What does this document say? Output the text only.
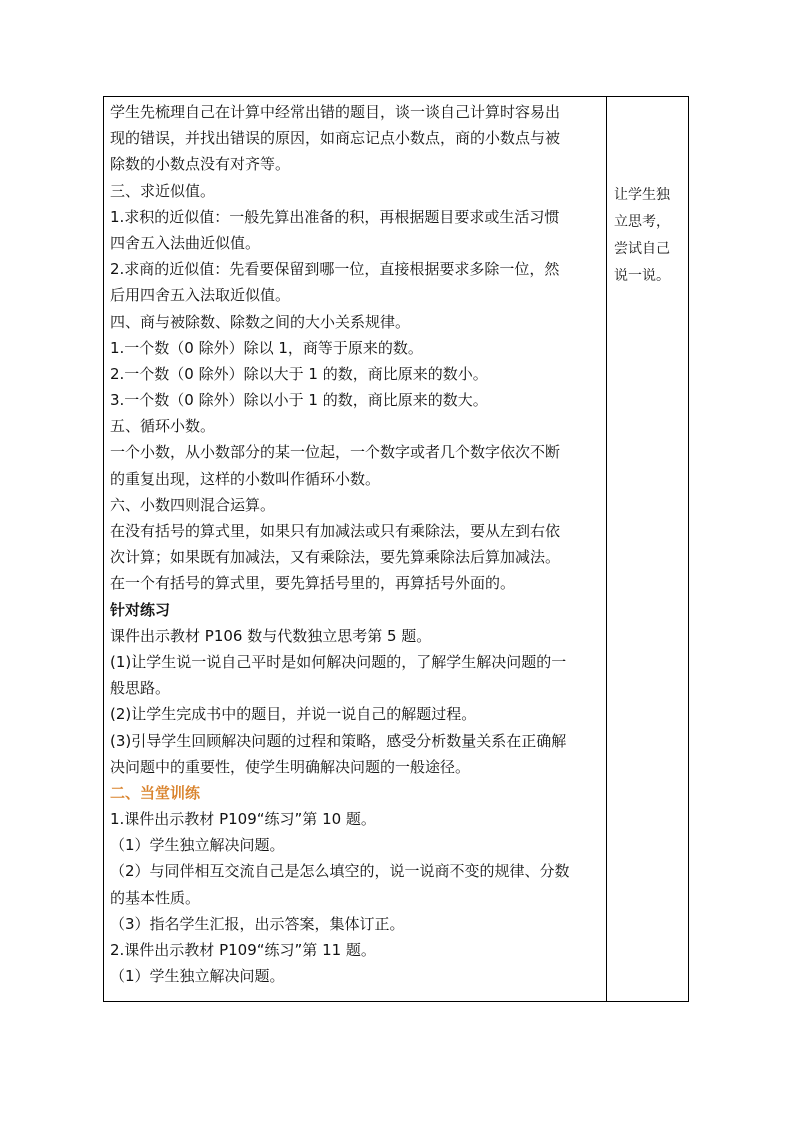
学生先梳理自己在计算中经常出错的题目，谈一谈自己计算时容易出
现的错误，并找出错误的原因，如商忘记点小数点，商的小数点与被
除数的小数点没有对齐等。
三、求近似值。
1.求积的近似值：一般先算出准备的积，再根据题目要求或生活习惯
四舍五入法曲近似值。
2.求商的近似值：先看要保留到哪一位，直接根据要求多除一位，然
后用四舍五入法取近似值。
四、商与被除数、除数之间的大小关系规律。
1.一个数（0 除外）除以 1，商等于原来的数。
2.一个数（0 除外）除以大于 1 的数，商比原来的数小。
3.一个数（0 除外）除以小于 1 的数，商比原来的数大。
五、循环小数。
一个小数，从小数部分的某一位起，一个数字或者几个数字依次不断
的重复出现，这样的小数叫作循环小数。
六、小数四则混合运算。
在没有括号的算式里，如果只有加减法或只有乘除法，要从左到右依
次计算；如果既有加减法，又有乘除法，要先算乘除法后算加减法。
在一个有括号的算式里，要先算括号里的，再算括号外面的。
针对练习
课件出示教材 P106 数与代数独立思考第 5 题。
(1)让学生说一说自己平时是如何解决问题的，了解学生解决问题的一
般思路。
(2)让学生完成书中的题目，并说一说自己的解题过程。
(3)引导学生回顾解决问题的过程和策略，感受分析数量关系在正确解
决问题中的重要性，使学生明确解决问题的一般途径。
二、当堂训练
1.课件出示教材 P109“练习”第 10 题。
（1）学生独立解决问题。
（2）与同伴相互交流自己是怎么填空的，说一说商不变的规律、分数
的基本性质。
（3）指名学生汇报，出示答案，集体订正。
2.课件出示教材 P109“练习”第 11 题。
（1）学生独立解决问题。
让学生独
立思考，
尝试自己
说一说。
